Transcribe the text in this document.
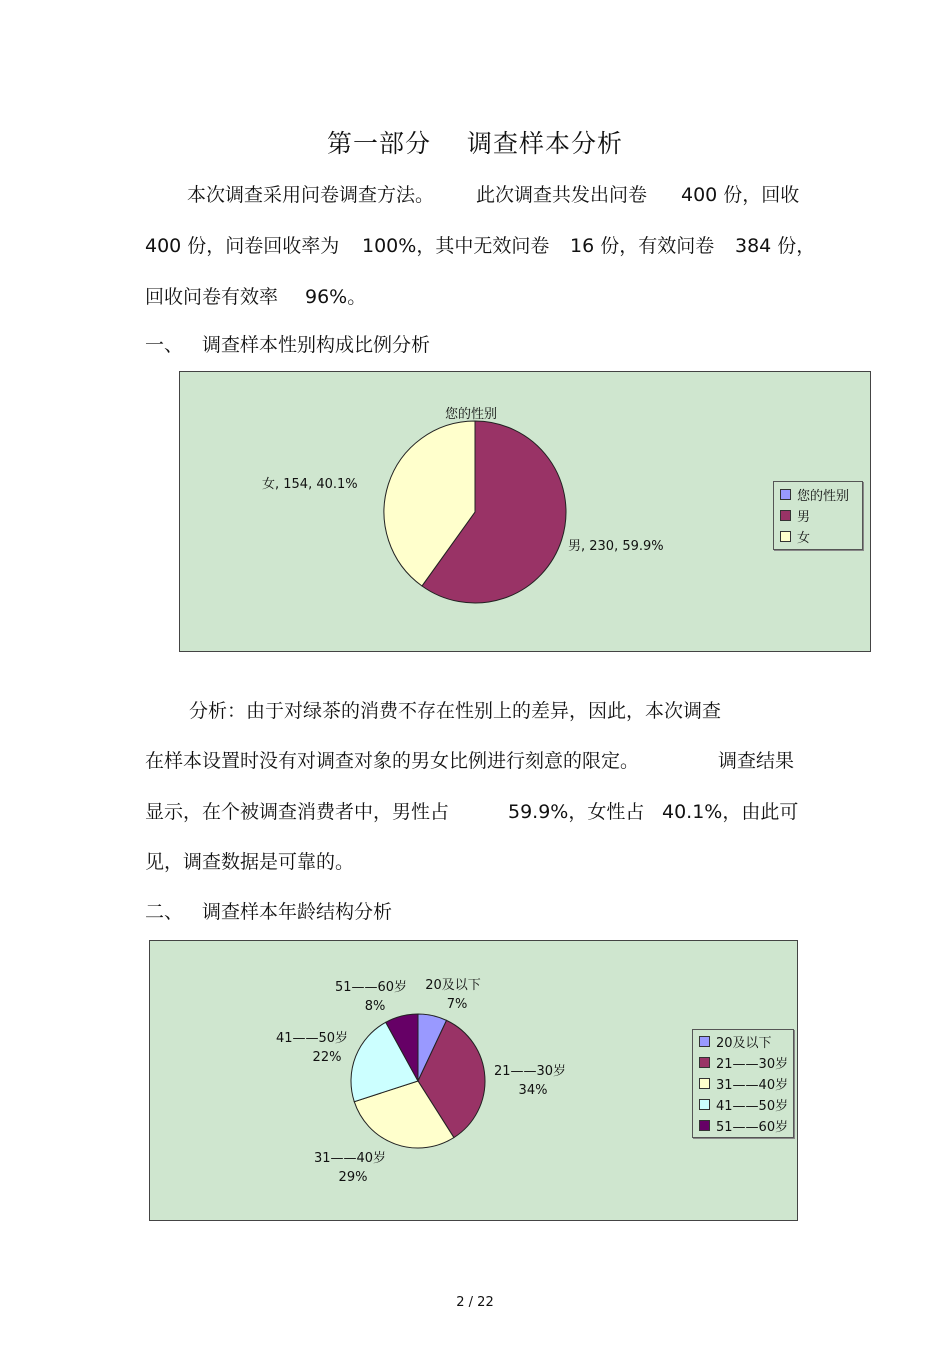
第一部分 调查样本分析
本次调查采用问卷调查方法。 此次调查共发出问卷 400 份，回收
400 份，问卷回收率为 100%，其中无效问卷 16 份，有效问卷 384 份，
回收问卷有效率 96%。
一、 调查样本性别构成比例分析
您的性别
女, 154, 40.1%
男, 230, 59.9%
您的性别
男
女
分析：由于对绿茶的消费不存在性别上的差异，因此，本次调查
在样本设置时没有对调查对象的男女比例进行刻意的限定。	调查结果
显示，在个被调查消费者中，男性占	59.9%，女性占 40.1%，由此可
见，调查数据是可靠的。
二、 调查样本年龄结构分析
20及以下
7%
21——30岁
34%
31——40岁
29%
41——50岁
22%
51——60岁
8%
20及以下
21——30岁
31——40岁
41——50岁
51——60岁
2 / 22
